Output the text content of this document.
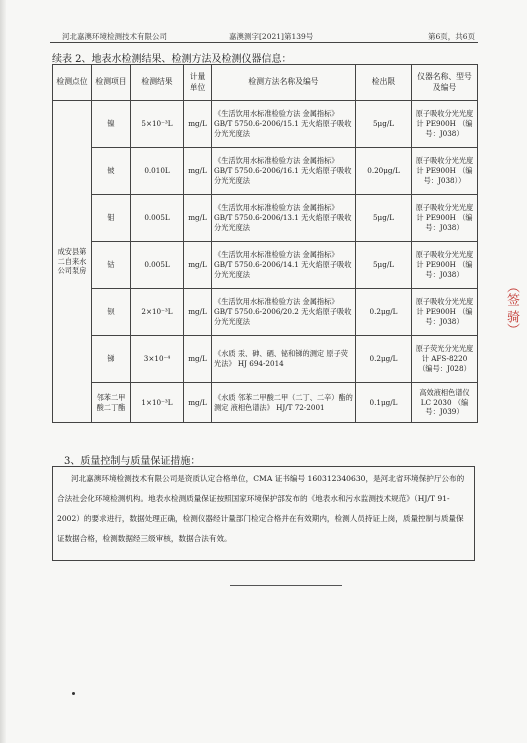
河北嘉澳环境检测技术有限公司	嘉澳测字[2021]第139号	第6页，共6页
续表 2、地表水检测结果、检测方法及检测仪器信息：
检测点位	检测项目	检测结果	计量单位	检测方法名称及编号	检出限	仪器名称、型号及编号
成安县第二自来水公司泵房	镍	5×10⁻³L	mg/L	《生活饮用水标准检验方法 金属指标》 GB/T 5750.6-2006/15.1 无火焰原子吸收分光光度法	5μg/L	原子吸收分光光度计 PE900H （编号：J038）
	铍	0.010L	mg/L	《生活饮用水标准检验方法 金属指标》 GB/T 5750.6-2006/16.1 无火焰原子吸收分光光度法	0.20μg/L	原子吸收分光光度计 PE900H （编号：J038））
	钼	0.005L	mg/L	《生活饮用水标准检验方法 金属指标》 GB/T 5750.6-2006/13.1 无火焰原子吸收分光光度法	5μg/L	原子吸收分光光度计 PE900H （编号：J038）
	钴	0.005L	mg/L	《生活饮用水标准检验方法 金属指标》 GB/T 5750.6-2006/14.1 无火焰原子吸收分光光度法	5μg/L	原子吸收分光光度计 PE900H （编号：J038）
	钡	2×10⁻³L	mg/L	《生活饮用水标准检验方法 金属指标》GB/T 5750.6-2006/20.2 无火焰原子吸收分光光度法	0.2μg/L	原子吸收分光光度计 PE900H （编号：J038）
	锑	3×10⁻⁴	mg/L	《水质 汞、砷、硒、铋和锑的测定 原子荧光法》 HJ 694-2014	0.2μg/L	原子荧光分光光度计 AFS-8220 （编号：J028）
	邻苯二甲酸二丁酯	1×10⁻³L	mg/L	《水质 邻苯二甲酸二甲（二丁、二辛）酯的测定 液相色谱法》 HJ/T 72-2001	0.1μg/L	高效液相色谱仪 LC 2030 （编号：J039）
3、质量控制与质量保证措施：
河北嘉澳环境检测技术有限公司是资质认定合格单位，CMA 证书编号 160312340630，是河北省环境保护厅公布的合法社会化环境检测机构。地表水检测质量保证按照国家环境保护部发布的《地表水和污水监测技术规范》（HJ/T 91-2002）的要求进行，数据处理正确，检测仪器经计量部门检定合格并在有效期内，检测人员持证上岗，质量控制与质量保证数据合格，检测数据经三级审核，数据合法有效。
（签 骑）
